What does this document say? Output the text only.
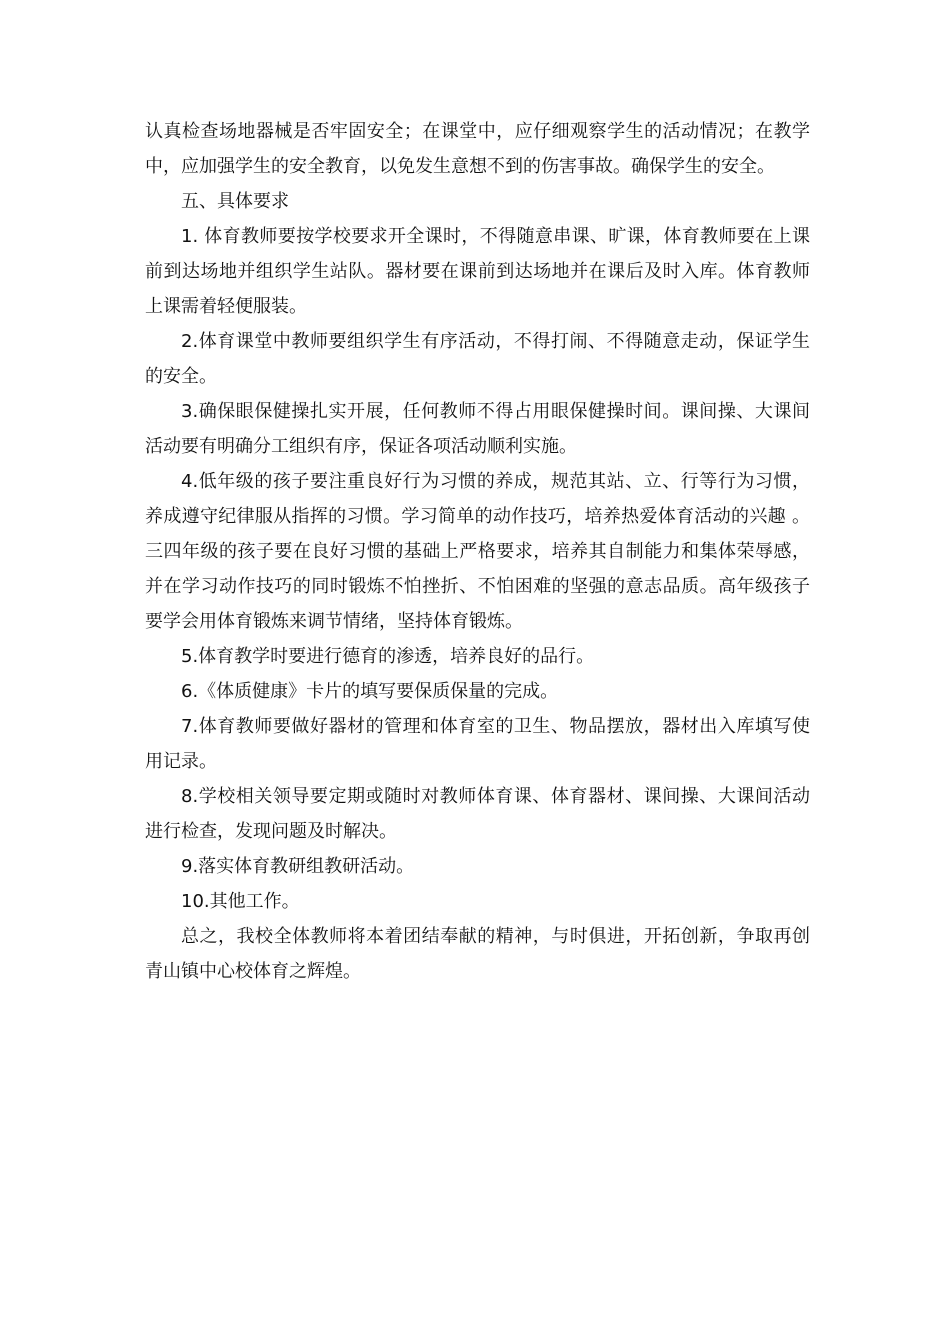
认真检查场地器械是否牢固安全；在课堂中，应仔细观察学生的活动情况；在教学中，应加强学生的安全教育，以免发生意想不到的伤害事故。确保学生的安全。

五、具体要求

1. 体育教师要按学校要求开全课时，不得随意串课、旷课，体育教师要在上课前到达场地并组织学生站队。器材要在课前到达场地并在课后及时入库。体育教师上课需着轻便服装。

2.体育课堂中教师要组织学生有序活动，不得打闹、不得随意走动，保证学生的安全。

3.确保眼保健操扎实开展，任何教师不得占用眼保健操时间。课间操、大课间活动要有明确分工组织有序，保证各项活动顺利实施。

4.低年级的孩子要注重良好行为习惯的养成，规范其站、立、行等行为习惯，养成遵守纪律服从指挥的习惯。学习简单的动作技巧，培养热爱体育活动的兴趣 。三四年级的孩子要在良好习惯的基础上严格要求，培养其自制能力和集体荣辱感，并在学习动作技巧的同时锻炼不怕挫折、不怕困难的坚强的意志品质。高年级孩子要学会用体育锻炼来调节情绪，坚持体育锻炼。

5.体育教学时要进行德育的渗透，培养良好的品行。

6.《体质健康》卡片的填写要保质保量的完成。

7.体育教师要做好器材的管理和体育室的卫生、物品摆放，器材出入库填写使用记录。

8.学校相关领导要定期或随时对教师体育课、体育器材、课间操、大课间活动进行检查，发现问题及时解决。

9.落实体育教研组教研活动。

10.其他工作。

总之，我校全体教师将本着团结奉献的精神，与时俱进，开拓创新，争取再创青山镇中心校体育之辉煌。
